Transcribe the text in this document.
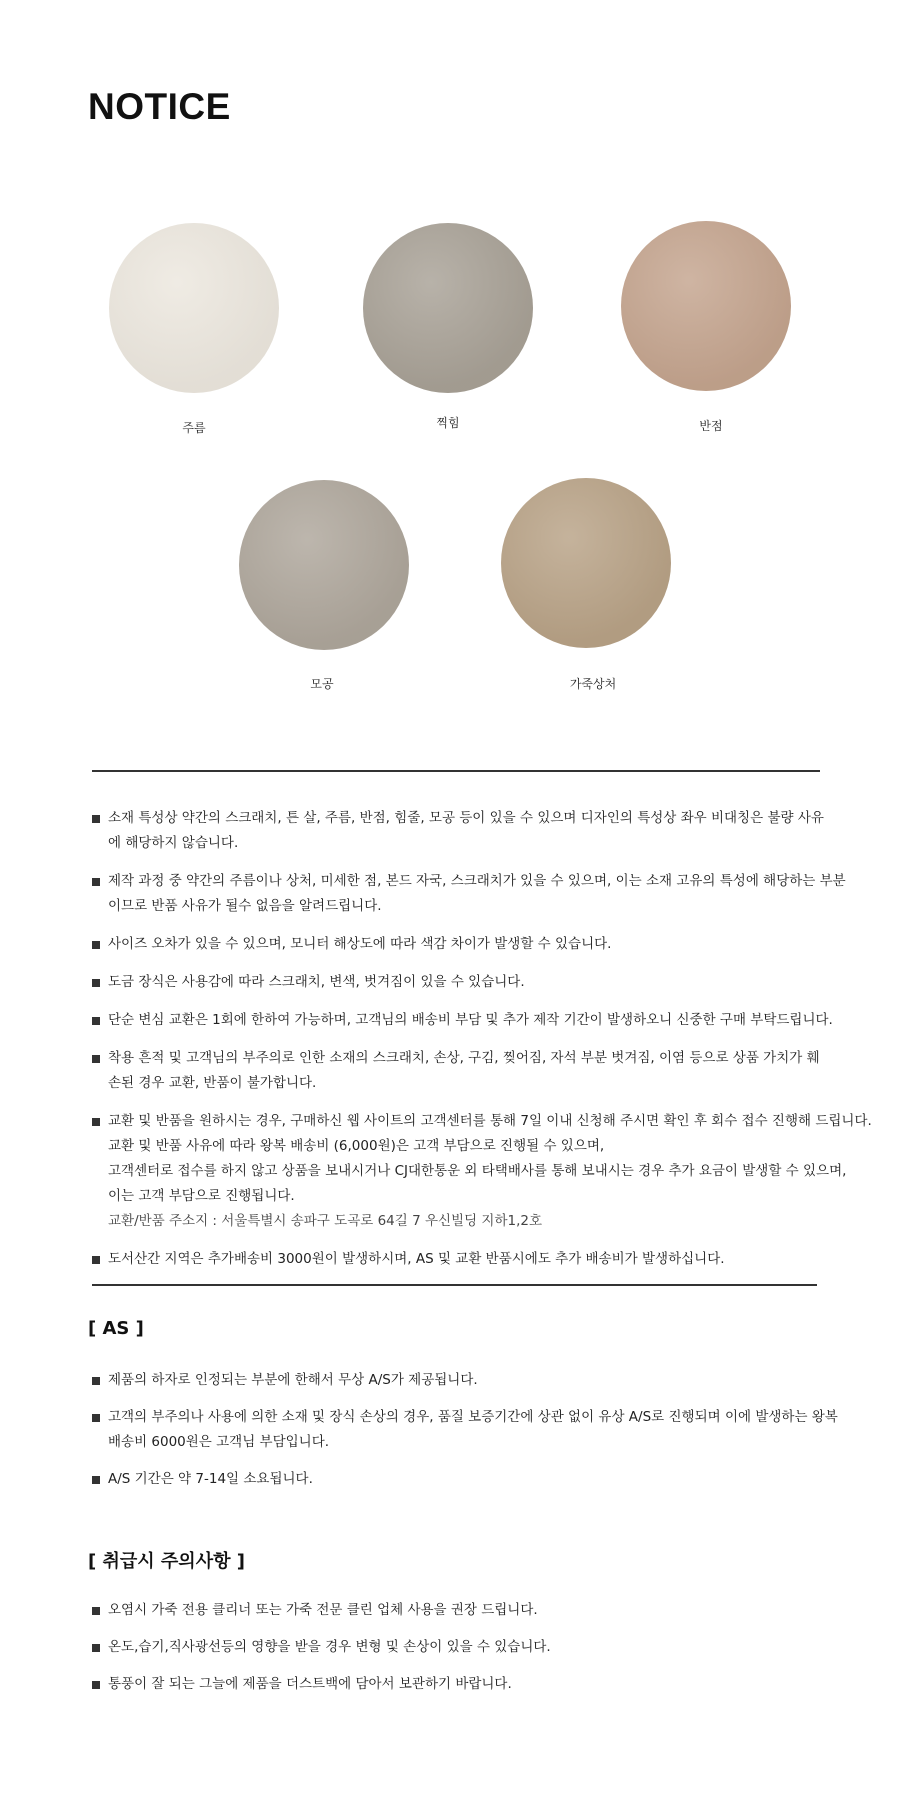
NOTICE
주름	찍힘	반점
모공	가죽상처
소재 특성상 약간의 스크래치, 튼 살, 주름, 반점, 힘줄, 모공 등이 있을 수 있으며 디자인의 특성상 좌우 비대칭은 불량 사유
에 해당하지 않습니다.
제작 과정 중 약간의 주름이나 상처, 미세한 점, 본드 자국, 스크래치가 있을 수 있으며, 이는 소재 고유의 특성에 해당하는 부분
이므로 반품 사유가 될수 없음을 알려드립니다.
사이즈 오차가 있을 수 있으며, 모니터 해상도에 따라 색감 차이가 발생할 수 있습니다.
도금 장식은 사용감에 따라 스크래치, 변색, 벗겨짐이 있을 수 있습니다.
단순 변심 교환은 1회에 한하여 가능하며, 고객님의 배송비 부담 및 추가 제작 기간이 발생하오니 신중한 구매 부탁드립니다.
착용 흔적 및 고객님의 부주의로 인한 소재의 스크래치, 손상, 구김, 찢어짐, 자석 부분 벗겨짐, 이염 등으로 상품 가치가 훼
손된 경우 교환, 반품이 불가합니다.
교환 및 반품을 원하시는 경우, 구매하신 웹 사이트의 고객센터를 통해 7일 이내 신청해 주시면 확인 후 회수 접수 진행해 드립니다.
교환 및 반품 사유에 따라 왕복 배송비 (6,000원)은 고객 부담으로 진행될 수 있으며,
고객센터로 접수를 하지 않고 상품을 보내시거나 CJ대한통운 외 타택배사를 통해 보내시는 경우 추가 요금이 발생할 수 있으며,
이는 고객 부담으로 진행됩니다.
교환/반품 주소지 : 서울특별시 송파구 도곡로 64길 7 우신빌딩 지하1,2호
도서산간 지역은 추가배송비 3000원이 발생하시며, AS 및 교환 반품시에도 추가 배송비가 발생하십니다.
[ AS ]
제품의 하자로 인정되는 부분에 한해서 무상 A/S가 제공됩니다.
고객의 부주의나 사용에 의한 소재 및 장식 손상의 경우, 품질 보증기간에 상관 없이 유상 A/S로 진행되며 이에 발생하는 왕복
배송비 6000원은 고객님 부담입니다.
A/S 기간은 약 7-14일 소요됩니다.
[ 취급시 주의사항 ]
오염시 가죽 전용 클리너 또는 가죽 전문 클린 업체 사용을 권장 드립니다.
온도,습기,직사광선등의 영향을 받을 경우 변형 및 손상이 있을 수 있습니다.
통풍이 잘 되는 그늘에 제품을 더스트백에 담아서 보관하기 바랍니다.
